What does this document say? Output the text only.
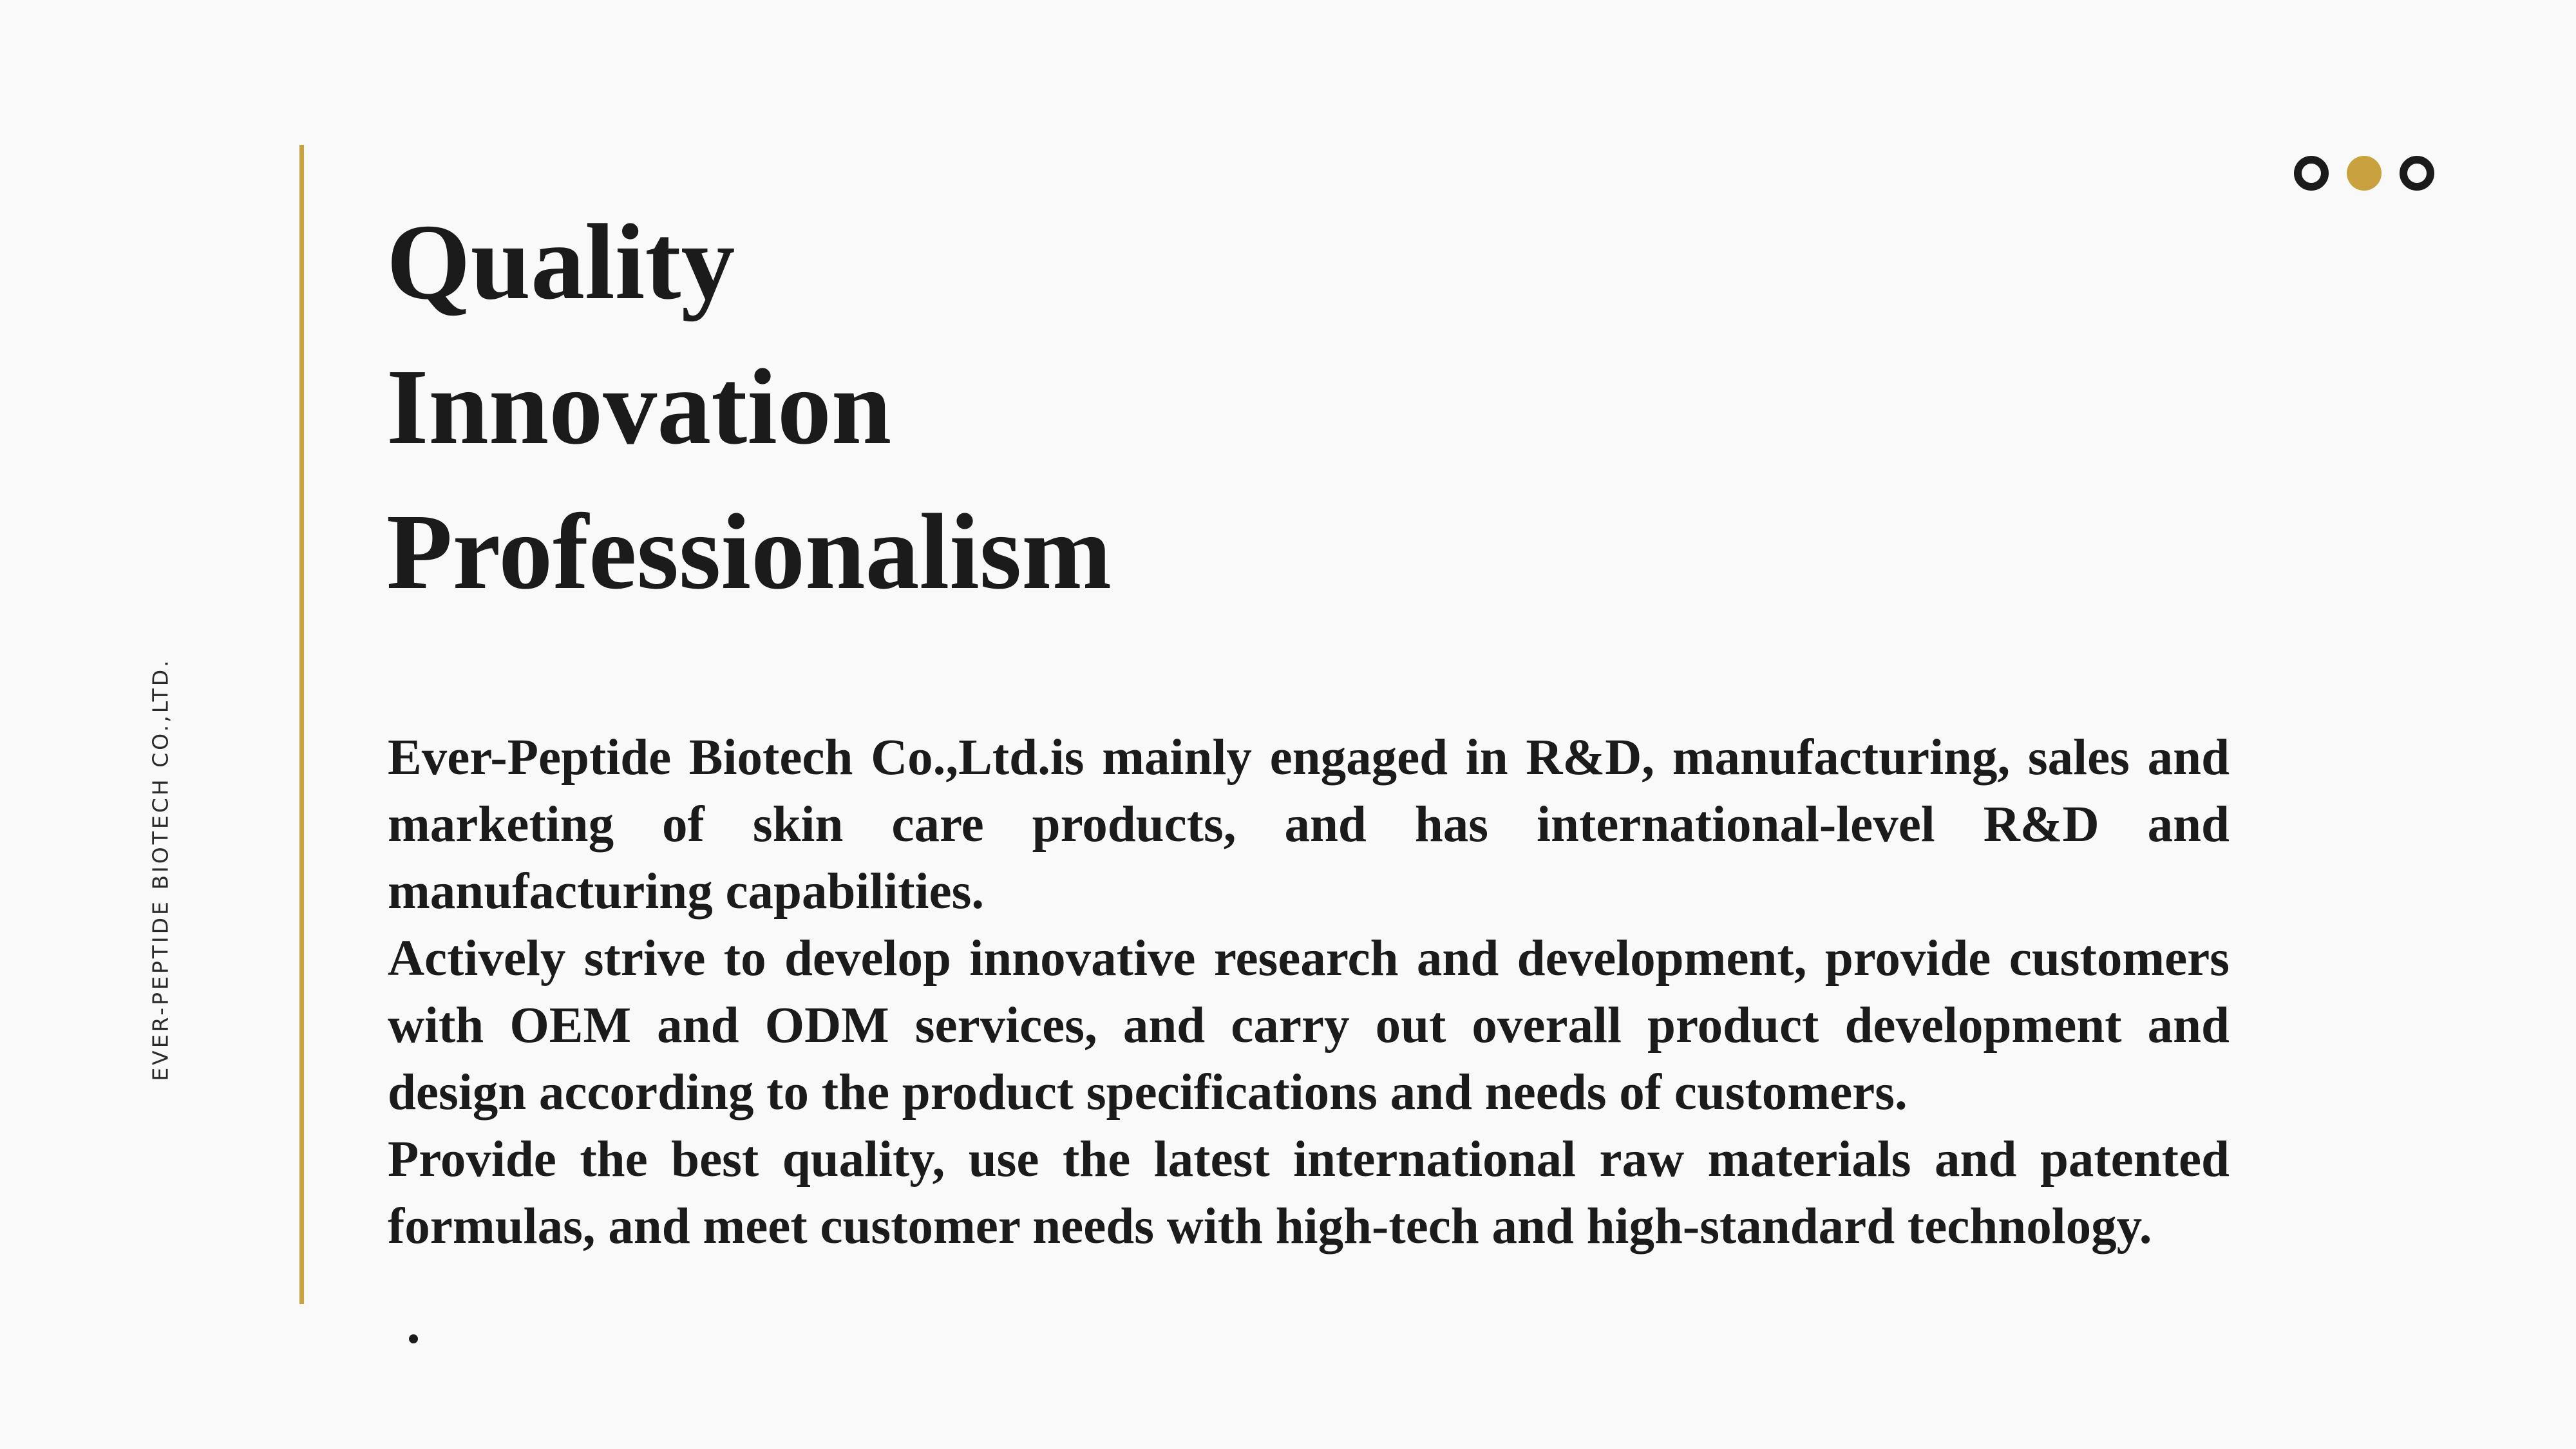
EVER-PEPTIDE BIOTECH CO.,LTD.
Quality
Innovation
Professionalism

Ever-Peptide Biotech Co.,Ltd.is mainly engaged in R&D, manufacturing, sales and marketing of skin care products, and has international-level R&D and manufacturing capabilities.

Actively strive to develop innovative research and development, provide customers with OEM and ODM services, and carry out overall product development and design according to the product specifications and needs of customers.

Provide the best quality, use the latest international raw materials and patented formulas, and meet customer needs with high-tech and high-standard technology.
